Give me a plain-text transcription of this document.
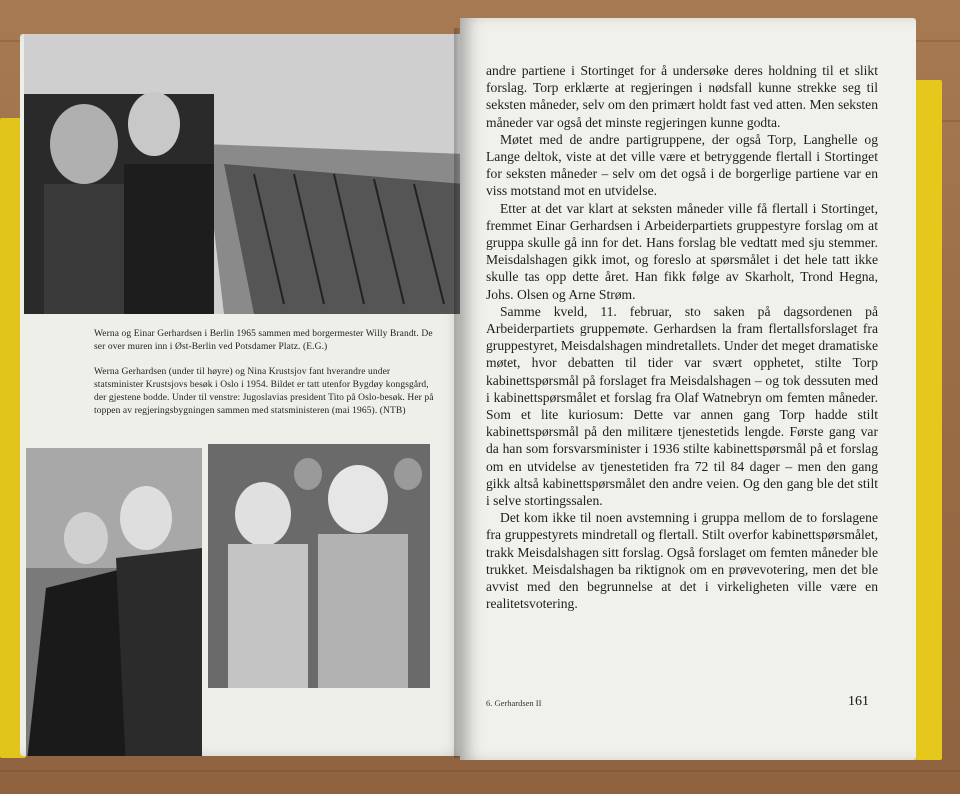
Werna og Einar Gerhardsen i Berlin 1965 sammen med borgermester Willy Brandt. De ser over muren inn i Øst-Berlin ved Potsdamer Platz. (E.G.)
Werna Gerhardsen (under til høyre) og Nina Krustsjov fant hverandre under statsminister Krustsjovs besøk i Oslo i 1954. Bildet er tatt utenfor Bygdøy kongsgård, der gjestene bodde. Under til venstre: Jugoslavias president Tito på Oslo-besøk. Her på toppen av regjeringsbygningen sammen med statsministeren (mai 1965). (NTB)

andre partiene i Stortinget for å undersøke deres holdning til et slikt forslag. Torp erklærte at regjeringen i nødsfall kunne strekke seg til seksten måneder, selv om den primært holdt fast ved atten. Men seksten måneder var også det minste regjeringen kunne godta.

Møtet med de andre partigruppene, der også Torp, Langhelle og Lange deltok, viste at det ville være et betryggende flertall i Stortinget for seksten måneder – selv om det også i de borgerlige partiene var en viss motstand mot en utvidelse.

Etter at det var klart at seksten måneder ville få flertall i Stortinget, fremmet Einar Gerhardsen i Arbeiderpartiets gruppestyre forslag om at gruppa skulle gå inn for det. Hans forslag ble vedtatt med sju stemmer. Meisdalshagen gikk imot, og foreslo at spørsmålet i det hele tatt ikke skulle tas opp dette året. Han fikk følge av Skarholt, Trond Hegna, Johs. Olsen og Arne Strøm.

Samme kveld, 11. februar, sto saken på dagsordenen på Arbeiderpartiets gruppemøte. Gerhardsen la fram flertallsforslaget fra gruppestyret, Meisdalshagen mindretallets. Under det meget dramatiske møtet, hvor debatten til tider var svært opphetet, stilte Torp kabinettspørsmål på forslaget fra Meisdalshagen – og tok dessuten med i kabinettspørsmålet et forslag fra Olaf Watnebryn om femten måneder. Som et lite kuriosum: Dette var annen gang Torp hadde stilt kabinettspørsmål på den militære tjenestetids lengde. Første gang var da han som forsvarsminister i 1936 stilte kabinettspørsmål på et forslag om en utvidelse av tjenestetiden fra 72 til 84 dager – men den gang gikk altså kabinettspørsmålet den andre veien. Og den gang ble det stilt i selve stortingssalen.

Det kom ikke til noen avstemning i gruppa mellom de to forslagene fra gruppestyrets mindretall og flertall. Stilt overfor kabinettspørsmålet, trakk Meisdalshagen sitt forslag. Også forslaget om femten måneder ble trukket. Meisdalshagen ba riktignok om en prøvevotering, men det ble avvist med den begrunnelse at det i virkeligheten ville være en realitetsvotering.

6. Gerhardsen II	161
